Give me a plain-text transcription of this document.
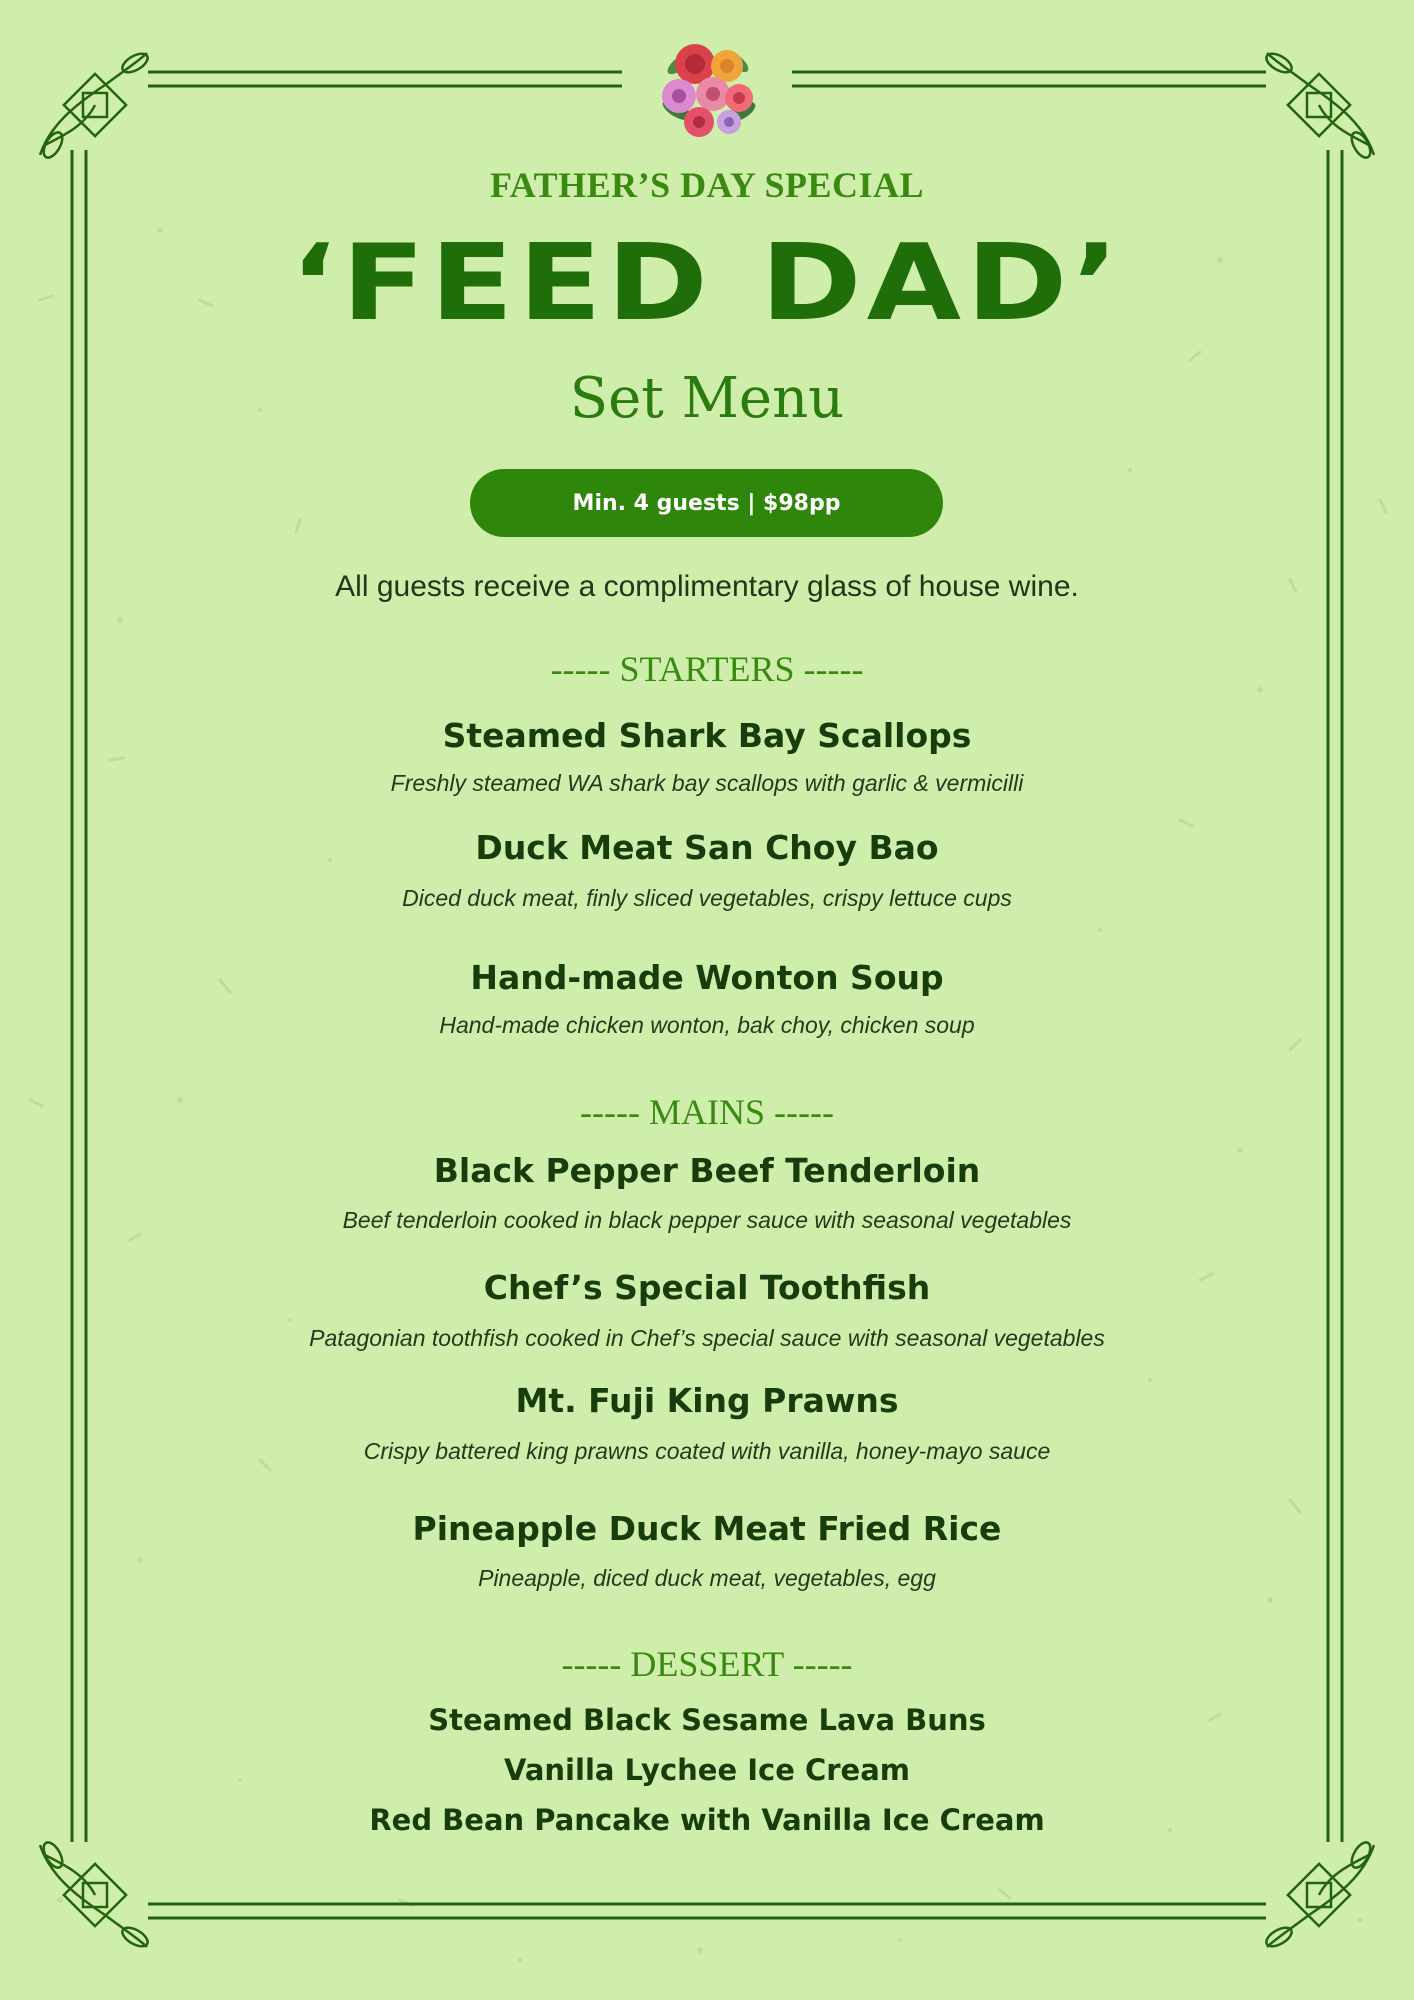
FATHER’S DAY SPECIAL
‘FEED DAD’
Set Menu
Min. 4 guests | $98pp
All guests receive a complimentary glass of house wine.
----- STARTERS -----
Steamed Shark Bay Scallops
Freshly steamed WA shark bay scallops with garlic & vermicilli
Duck Meat San Choy Bao
Diced duck meat, finly sliced vegetables, crispy lettuce cups
Hand-made Wonton Soup
Hand-made chicken wonton, bak choy, chicken soup
----- MAINS -----
Black Pepper Beef Tenderloin
Beef tenderloin cooked in black pepper sauce with seasonal vegetables
Chef’s Special Toothfish
Patagonian toothfish cooked in Chef’s special sauce with seasonal vegetables
Mt. Fuji King Prawns
Crispy battered king prawns coated with vanilla, honey-mayo sauce
Pineapple Duck Meat Fried Rice
Pineapple, diced duck meat, vegetables, egg
----- DESSERT -----
Steamed Black Sesame Lava Buns
Vanilla Lychee Ice Cream
Red Bean Pancake with Vanilla Ice Cream
